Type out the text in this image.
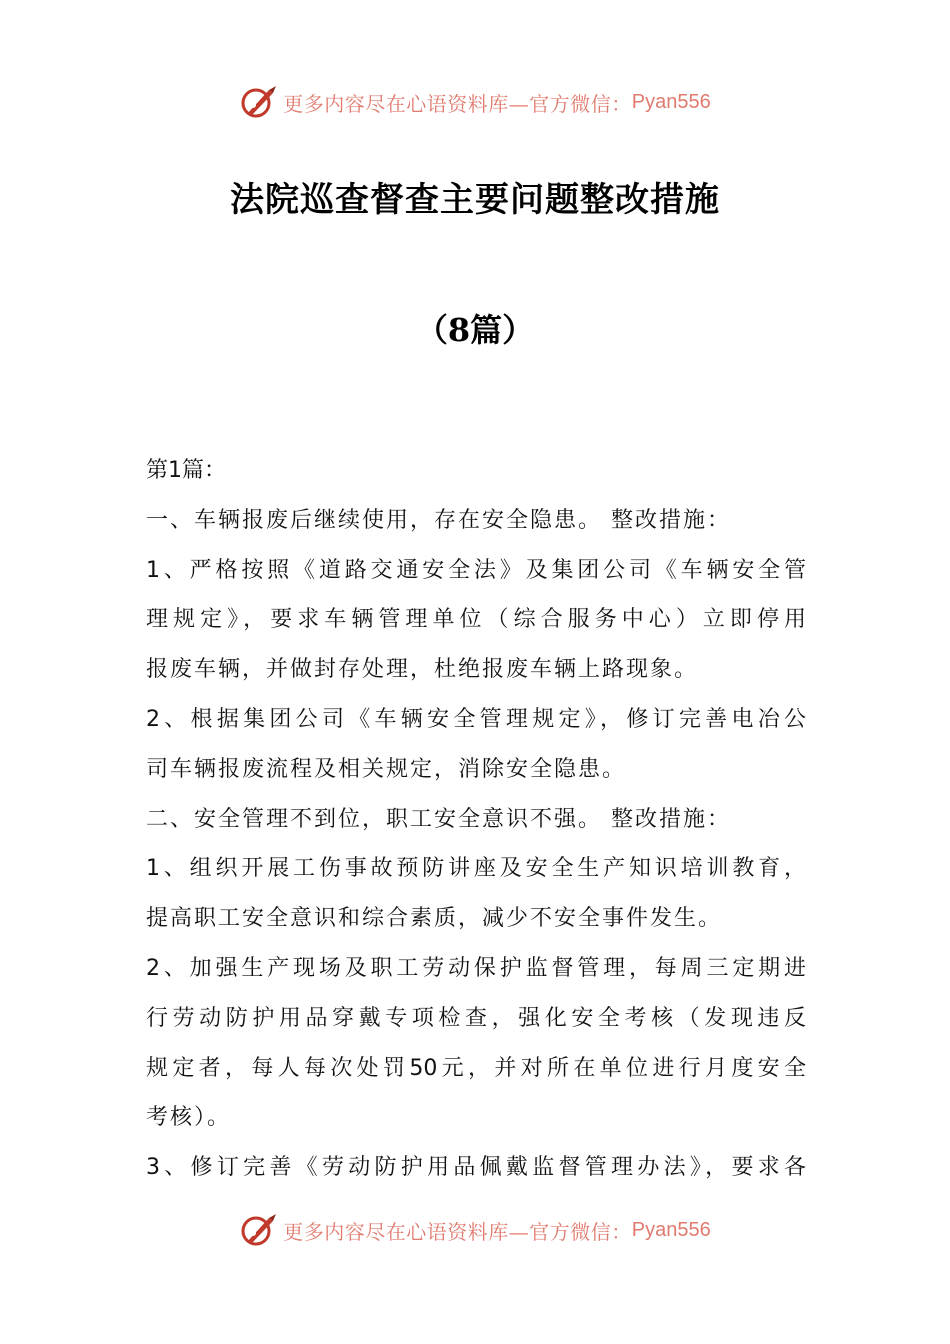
更多内容尽在心语资料库—官方微信： Pyan556
法院巡查督查主要问题整改措施
（8篇）
第1篇：
一、车辆报废后继续使用，存在安全隐患。 整改措施：
1、严格按照《道路交通安全法》及集团公司《车辆安全管
理规定》，要求车辆管理单位（综合服务中心）立即停用
报废车辆，并做封存处理，杜绝报废车辆上路现象。
2、根据集团公司《车辆安全管理规定》，修订完善电冶公
司车辆报废流程及相关规定，消除安全隐患。
二、安全管理不到位，职工安全意识不强。 整改措施：
1、组织开展工伤事故预防讲座及安全生产知识培训教育，
提高职工安全意识和综合素质，减少不安全事件发生。
2、加强生产现场及职工劳动保护监督管理，每周三定期进
行劳动防护用品穿戴专项检查，强化安全考核（发现违反
规定者，每人每次处罚50元，并对所在单位进行月度安全
考核）。
3、修订完善《劳动防护用品佩戴监督管理办法》，要求各
更多内容尽在心语资料库—官方微信： Pyan556
